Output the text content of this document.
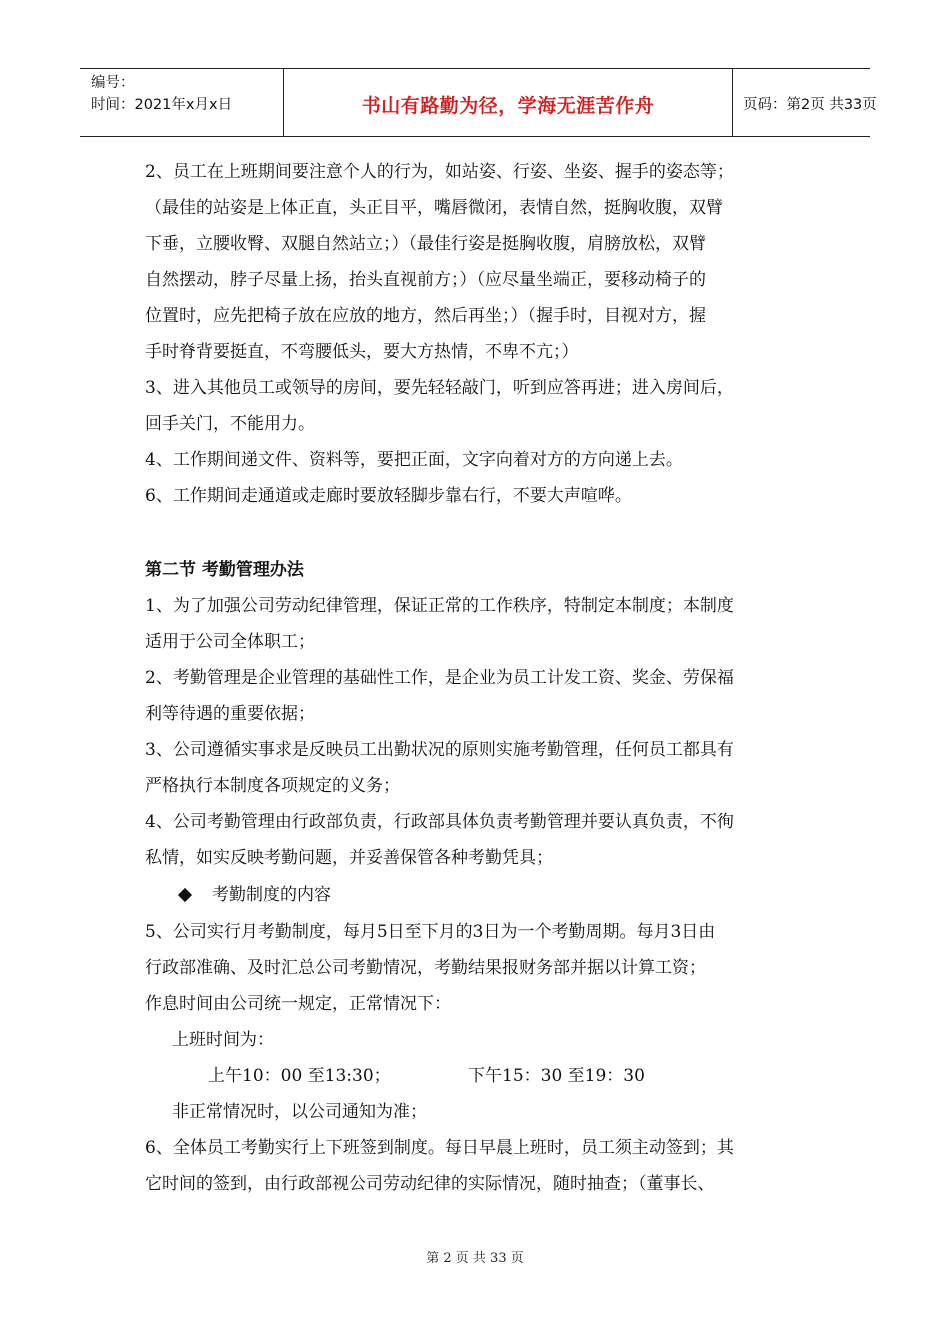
编号：
时间：2021年x月x日	书山有路勤为径，学海无涯苦作舟	页码：第2页 共33页
2、员工在上班期间要注意个人的行为，如站姿、行姿、坐姿、握手的姿态等；
（最佳的站姿是上体正直，头正目平，嘴唇微闭，表情自然，挺胸收腹，双臂
下垂，立腰收臀、双腿自然站立；）（最佳行姿是挺胸收腹，肩膀放松，双臂
自然摆动，脖子尽量上扬，抬头直视前方；）（应尽量坐端正，要移动椅子的
位置时，应先把椅子放在应放的地方，然后再坐；）（握手时，目视对方，握
手时脊背要挺直，不弯腰低头，要大方热情，不卑不亢；）
3、进入其他员工或领导的房间，要先轻轻敲门，听到应答再进；进入房间后，
回手关门，不能用力。
4、工作期间递文件、资料等，要把正面，文字向着对方的方向递上去。
6、工作期间走通道或走廊时要放轻脚步靠右行，不要大声喧哗。
第二节 考勤管理办法
1、为了加强公司劳动纪律管理，保证正常的工作秩序，特制定本制度；本制度
适用于公司全体职工；
2、考勤管理是企业管理的基础性工作，是企业为员工计发工资、奖金、劳保福
利等待遇的重要依据；
3、公司遵循实事求是反映员工出勤状况的原则实施考勤管理，任何员工都具有
严格执行本制度各项规定的义务；
4、公司考勤管理由行政部负责，行政部具体负责考勤管理并要认真负责，不徇
私情，如实反映考勤问题，并妥善保管各种考勤凭具；
考勤制度的内容
5、公司实行月考勤制度，每月5日至下月的3日为一个考勤周期。每月3日由
行政部准确、及时汇总公司考勤情况，考勤结果报财务部并据以计算工资；
作息时间由公司统一规定，正常情况下：
上班时间为：
上午10：00 至13:30；	下午15：30 至19：30
非正常情况时，以公司通知为准；
6、全体员工考勤实行上下班签到制度。每日早晨上班时，员工须主动签到；其
它时间的签到，由行政部视公司劳动纪律的实际情况，随时抽查；（董事长、
第 2 页 共 33 页
